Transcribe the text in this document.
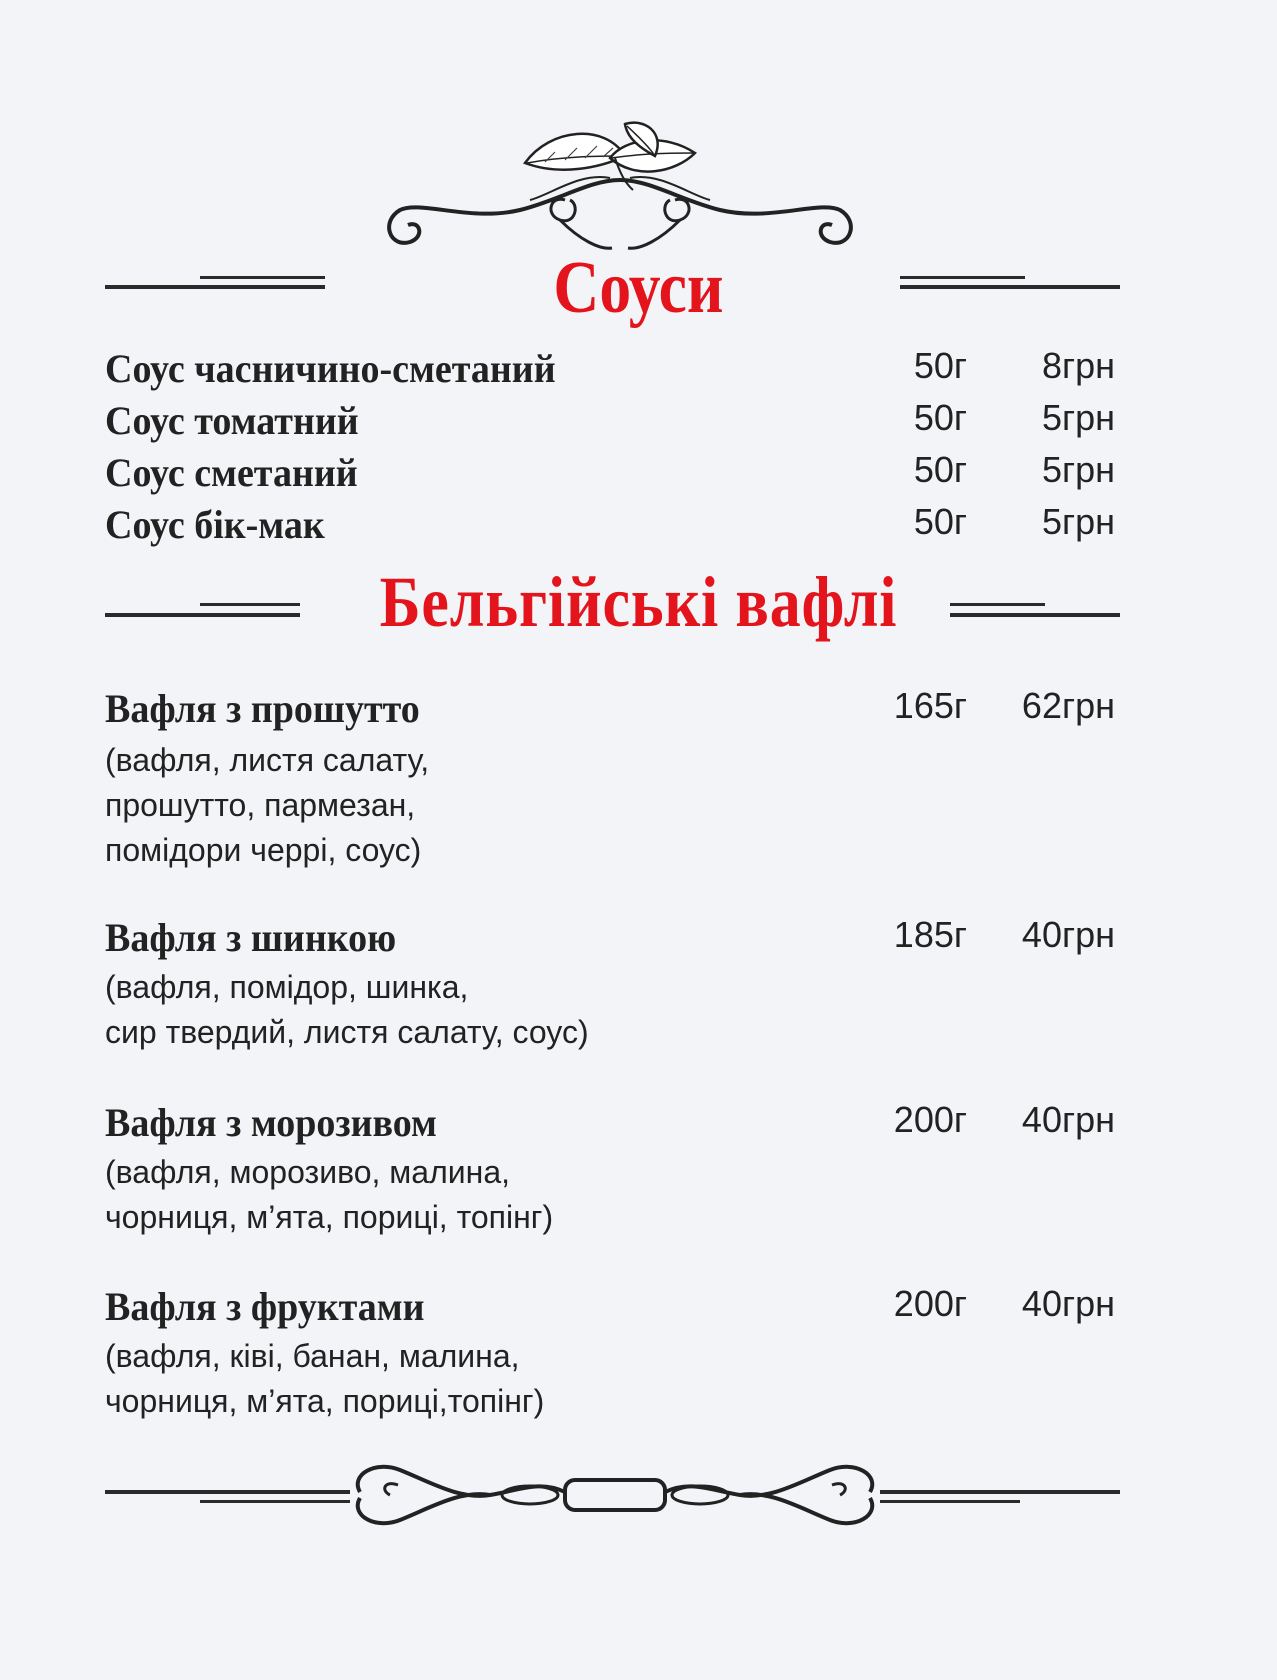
Соуси
Соус часничино-сметаний	50г 8грн
Соус томатний	50г 5грн
Соус сметаний	50г 5грн
Соус бік-мак	50г 5грн
Бельгійські вафлі
Вафля з прошутто	165г 62грн
(вафля, листя салату,
прошутто, пармезан,
помідори черрі, соус)
Вафля з шинкою	185г 40грн
(вафля, помідор, шинка,
сир твердий, листя салату, соус)
Вафля з морозивом	200г 40грн
(вафля, морозиво, малина,
чорниця, м’ята, пориці, топінг)
Вафля з фруктами	200г 40грн
(вафля, ківі, банан, малина,
чорниця, м’ята, пориці,топінг)
